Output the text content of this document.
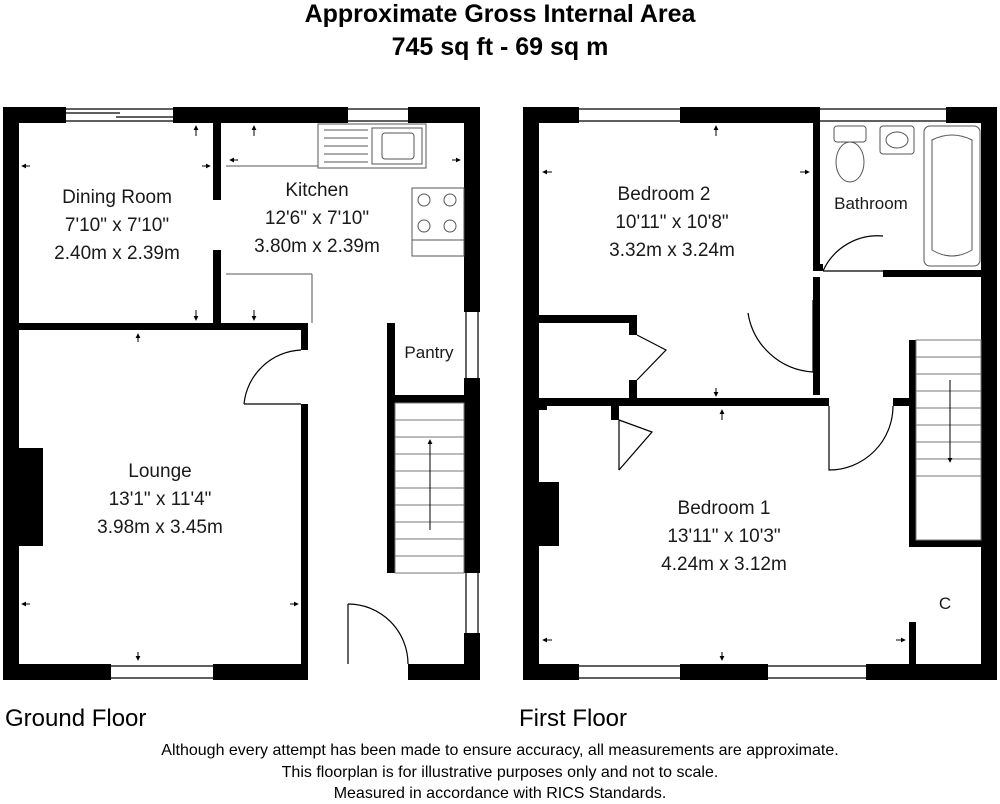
Approximate Gross Internal Area
745 sq ft - 69 sq m
Dining Room
7'10" x 7'10"
2.40m x 2.39m
Kitchen
12'6" x 7'10"
3.80m x 2.39m
Lounge
13'1" x 11'4"
3.98m x 3.45m
Pantry
Bedroom 2
10'11" x 10'8"
3.32m x 3.24m
Bedroom 1
13'11" x 10'3"
4.24m x 3.12m
Bathroom
C
Ground Floor	First Floor
Although every attempt has been made to ensure accuracy, all measurements are approximate.
This floorplan is for illustrative purposes only and not to scale.
Measured in accordance with RICS Standards.
